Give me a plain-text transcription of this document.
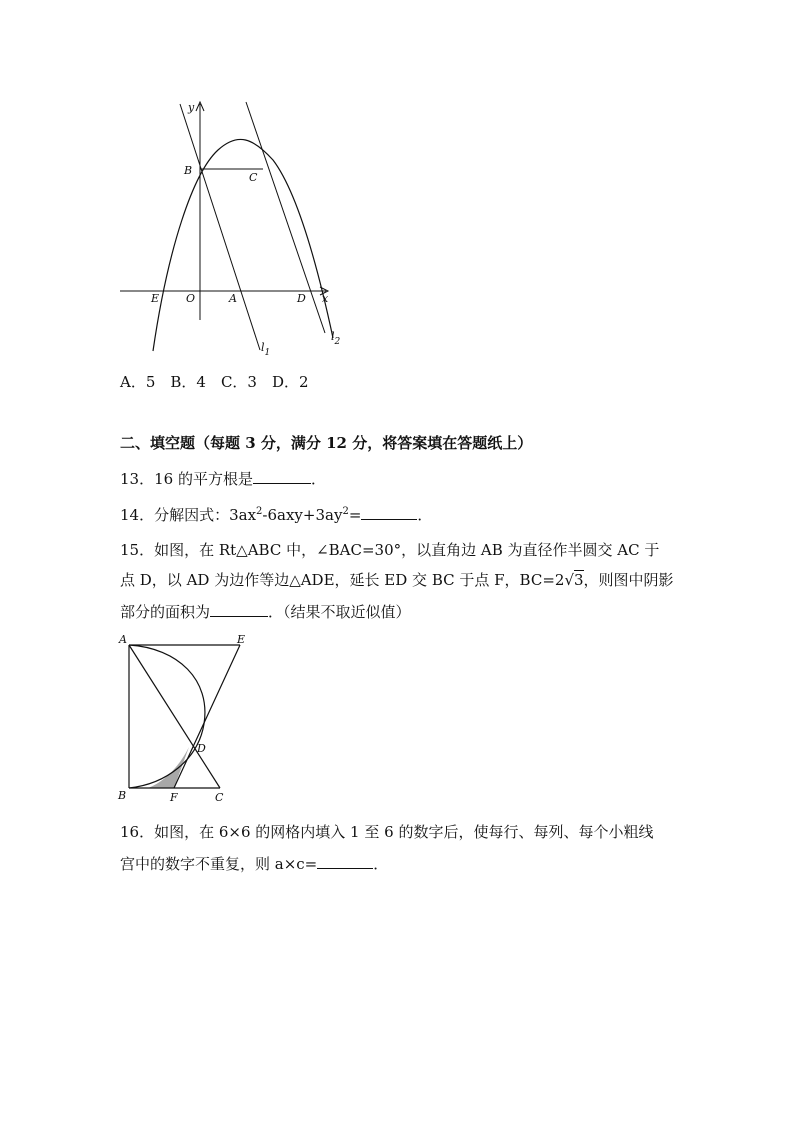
y
x
B
C
E O	A	D
$l_1$
$l_2$
A．5　B．4　C．3　D．2
二、填空题（每题 3 分，满分 12 分，将答案填在答题纸上）
13．16 的平方根是	．
14．分解因式：$3ax^2-6axy+3ay^2=$	．
15．如图，在 Rt△ABC 中，∠BAC=30°，以直角边 AB 为直径作半圆交 AC 于
点 D，以 AD 为边作等边△ADE，延长 ED 交 BC 于点 F，BC=2√3，则图中阴影
部分的面积为	．（结果不取近似值）
A	E
D
B	F	C
16．如图，在 6×6 的网格内填入 1 至 6 的数字后，使每行、每列、每个小粗线
宫中的数字不重复，则 a×c=	．
